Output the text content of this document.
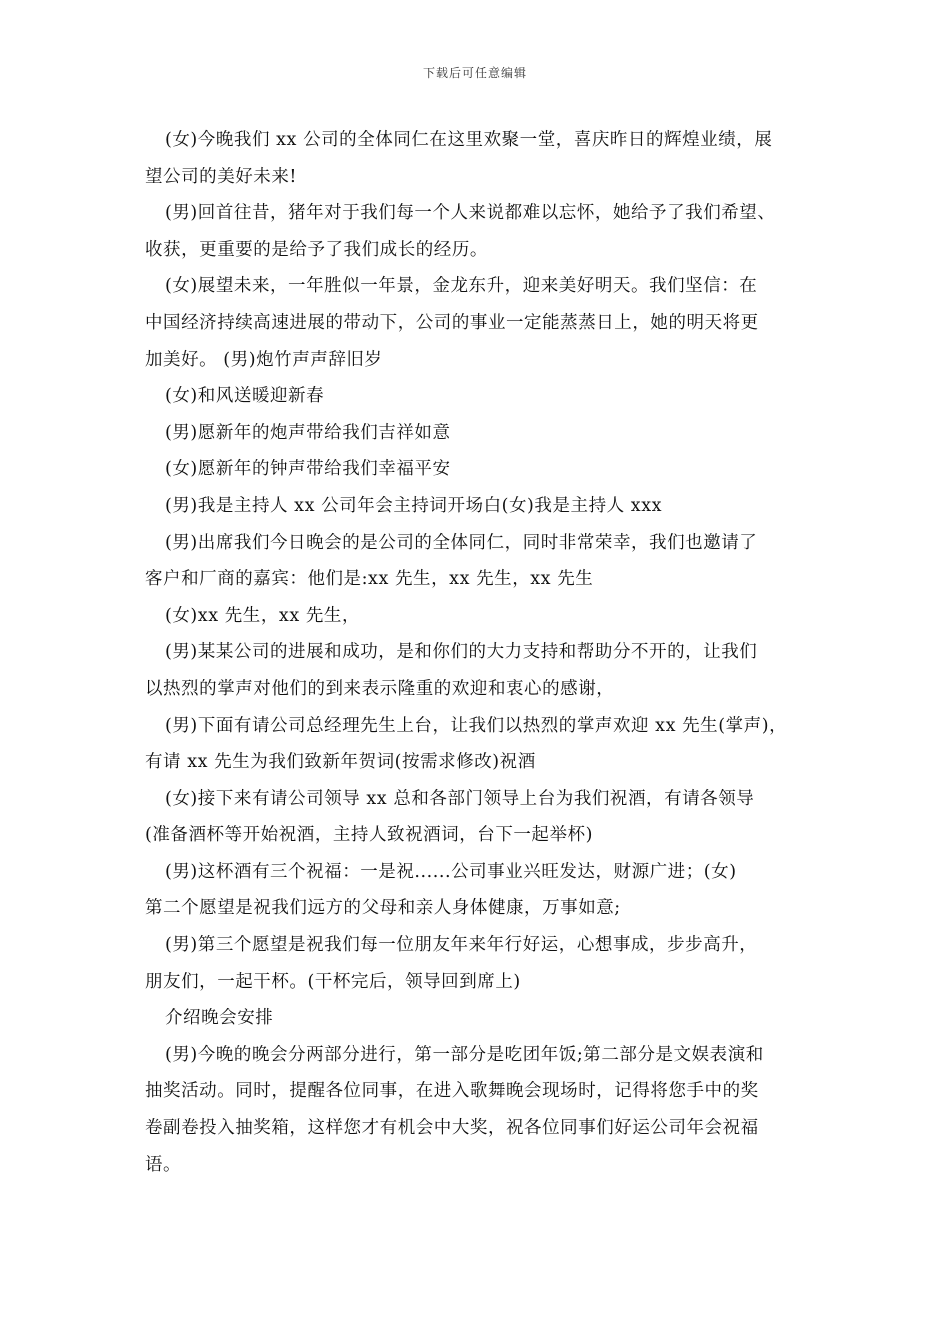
下载后可任意编辑
(女)今晚我们 xx 公司的全体同仁在这里欢聚一堂，喜庆昨日的辉煌业绩，展
望公司的美好未来!
(男)回首往昔，猪年对于我们每一个人来说都难以忘怀，她给予了我们希望、
收获，更重要的是给予了我们成长的经历。
(女)展望未来，一年胜似一年景，金龙东升，迎来美好明天。我们坚信：在
中国经济持续高速进展的带动下，公司的事业一定能蒸蒸日上，她的明天将更
加美好。 (男)炮竹声声辞旧岁
(女)和风送暖迎新春
(男)愿新年的炮声带给我们吉祥如意
(女)愿新年的钟声带给我们幸福平安
(男)我是主持人 xx 公司年会主持词开场白(女)我是主持人 xxx
(男)出席我们今日晚会的是公司的全体同仁，同时非常荣幸，我们也邀请了
客户和厂商的嘉宾：他们是:xx 先生，xx 先生，xx 先生
(女)xx 先生，xx 先生，
(男)某某公司的进展和成功，是和你们的大力支持和帮助分不开的，让我们
以热烈的掌声对他们的到来表示隆重的欢迎和衷心的感谢，
(男)下面有请公司总经理先生上台，让我们以热烈的掌声欢迎 xx 先生(掌声)，
有请 xx 先生为我们致新年贺词(按需求修改)祝酒
(女)接下来有请公司领导 xx 总和各部门领导上台为我们祝酒，有请各领导
(准备酒杯等开始祝酒，主持人致祝酒词，台下一起举杯)
(男)这杯酒有三个祝福：一是祝......公司事业兴旺发达，财源广进；(女)
第二个愿望是祝我们远方的父母和亲人身体健康，万事如意;
(男)第三个愿望是祝我们每一位朋友年来年行好运，心想事成，步步高升，
朋友们，一起干杯。(干杯完后，领导回到席上)
介绍晚会安排
(男)今晚的晚会分两部分进行，第一部分是吃团年饭;第二部分是文娱表演和
抽奖活动。同时，提醒各位同事，在进入歌舞晚会现场时，记得将您手中的奖
卷副卷投入抽奖箱，这样您才有机会中大奖，祝各位同事们好运公司年会祝福
语。
